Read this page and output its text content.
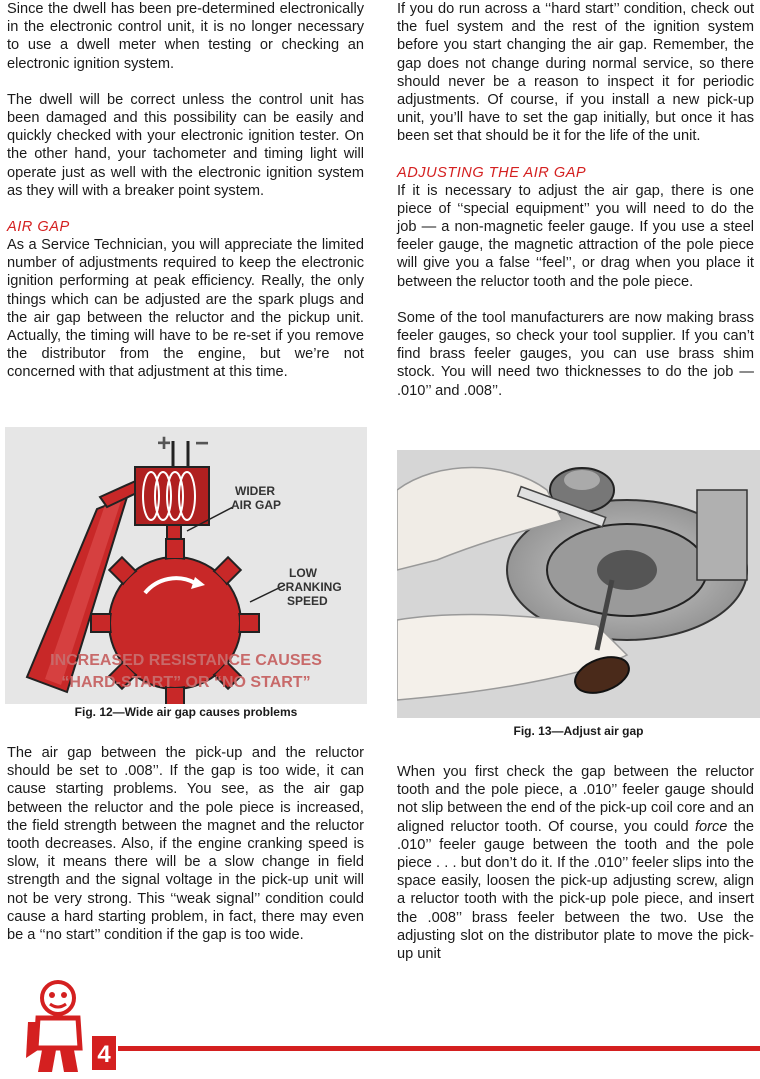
Since the dwell has been pre-determined electronically in the electronic control unit, it is no longer necessary to use a dwell meter when testing or checking an electronic ignition system.

The dwell will be correct unless the control unit has been damaged and this possibility can be easily and quickly checked with your electronic ignition tester. On the other hand, your tachometer and timing light will operate just as well with the electronic ignition system as they will with a breaker point system.

AIR GAP

As a Service Technician, you will appreciate the limited number of adjustments required to keep the electronic ignition performing at peak efficiency. Really, the only things which can be adjusted are the spark plugs and the air gap between the reluctor and the pickup unit. Actually, the timing will have to be re-set if you remove the distributor from the engine, but we’re not concerned with that adjustment at this time.

+ −
WIDER
AIR GAP
LOW
CRANKING
SPEED
INCREASED RESISTANCE CAUSES
“HARD-START” OR “NO START”
Fig. 12—Wide air gap causes problems

The air gap between the pick-up and the reluctor should be set to .008’’. If the gap is too wide, it can cause starting problems. You see, as the air gap between the reluctor and the pole piece is increased, the field strength between the magnet and the reluctor tooth decreases. Also, if the engine cranking speed is slow, it means there will be a slow change in field strength and the signal voltage in the pick-up unit will not be very strong. This ‘‘weak signal’’ condition could cause a hard starting problem, in fact, there may even be a ‘‘no start’’ condition if the gap is too wide.

If you do run across a ‘‘hard start’’ condition, check out the fuel system and the rest of the ignition system before you start changing the air gap. Remember, the gap does not change during normal service, so there should never be a reason to inspect it for periodic adjustments. Of course, if you install a new pick-up unit, you’ll have to set the gap initially, but once it has been set that should be it for the life of the unit.

ADJUSTING THE AIR GAP

If it is necessary to adjust the air gap, there is one piece of ‘‘special equipment’’ you will need to do the job — a non-magnetic feeler gauge. If you use a steel feeler gauge, the magnetic attraction of the pole piece will give you a false ‘‘feel’’, or drag when you place it between the reluctor tooth and the pole piece.

Some of the tool manufacturers are now making brass feeler gauges, so check your tool supplier. If you can’t find brass feeler gauges, you can use brass shim stock. You will need two thicknesses to do the job — .010’’ and .008’’.

Fig. 13—Adjust air gap

When you first check the gap between the reluctor tooth and the pole piece, a .010’’ feeler gauge should not slip between the end of the pick-up coil core and an aligned reluctor tooth. Of course, you could force the .010’’ feeler gauge between the tooth and the pole piece . . . but don’t do it. If the .010’’ feeler slips into the space easily, loosen the pick-up adjusting screw, align a reluctor tooth with the pick-up pole piece, and insert the .008’’ brass feeler between the two. Use the adjusting slot on the distributor plate to move the pick-up unit

4
